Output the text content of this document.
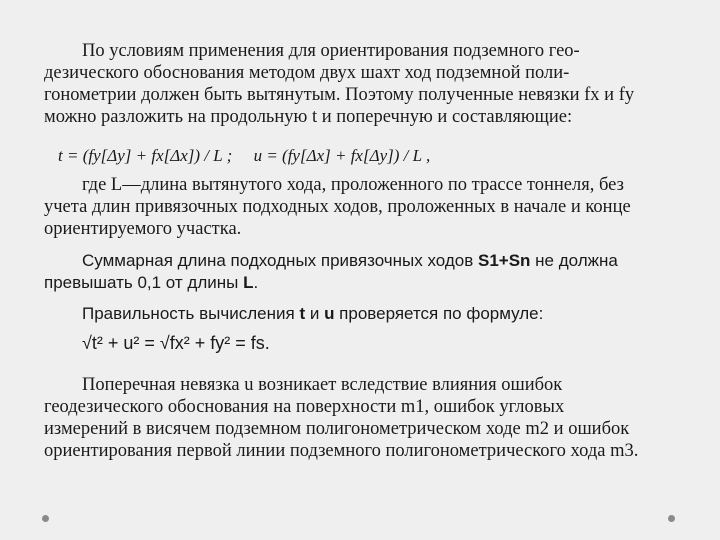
По условиям применения для ориентирования подземного гео-
дезического обоснования методом двух шахт ход подземной поли-
гонометрии должен быть вытянутым. Поэтому полученные невязки fx и fy
можно разложить на продольную t и поперечную и составляющие:

t = (fy[Δy] + fx[Δx]) / L ; u = (fy[Δx] + fx[Δy]) / L ,

где L—длина вытянутого хода, проложенного по трассе тоннеля, без
учета длин привязочных подходных ходов, проложенных в начале и конце
ориентируемого участка.

Суммарная длина подходных привязочных ходов S1+Sn не должна
превышать 0,1 от длины L.

Правильность вычисления t и u проверяется по формуле:

√t² + u² = √fx² + fy² = fs.

Поперечная невязка u возникает вследствие влияния ошибок
геодезического обоснования на поверхности m1, ошибок угловых
измерений в висячем подземном полигонометрическом ходе m2 и ошибок
ориентирования первой линии подземного полигонометрического хода m3.
